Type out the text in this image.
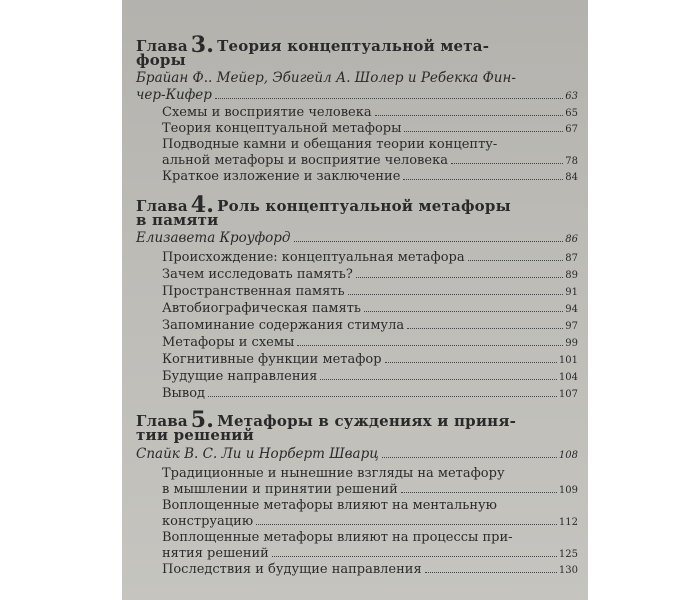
Глава 3. Теория концептуальной мета-
форы
Брайан Ф.. Мейер, Эбигейл А. Шолер и Ребекка Фин-
чер-Кифер	63
Схемы и восприятие человека	65
Теория концептуальной метафоры	67
Подводные камни и обещания теории концепту-
альной метафоры и восприятие человека	78
Краткое изложение и заключение	84
Глава 4. Роль концептуальной метафоры
в памяти
Елизавета Кроуфорд	86
Происхождение: концептуальная метафора	87
Зачем исследовать память?	89
Пространственная память	91
Автобиографическая память	94
Запоминание содержания стимула	97
Метафоры и схемы	99
Когнитивные функции метафор	101
Будущие направления	104
Вывод	107
Глава 5. Метафоры в суждениях и приня-
тии решений
Спайк В. С. Ли и Норберт Шварц	108
Традиционные и нынешние взгляды на метафору
в мышлении и принятии решений	109
Воплощенные метафоры влияют на ментальную
конструацию	112
Воплощенные метафоры влияют на процессы при-
нятия решений	125
Последствия и будущие направления	130
